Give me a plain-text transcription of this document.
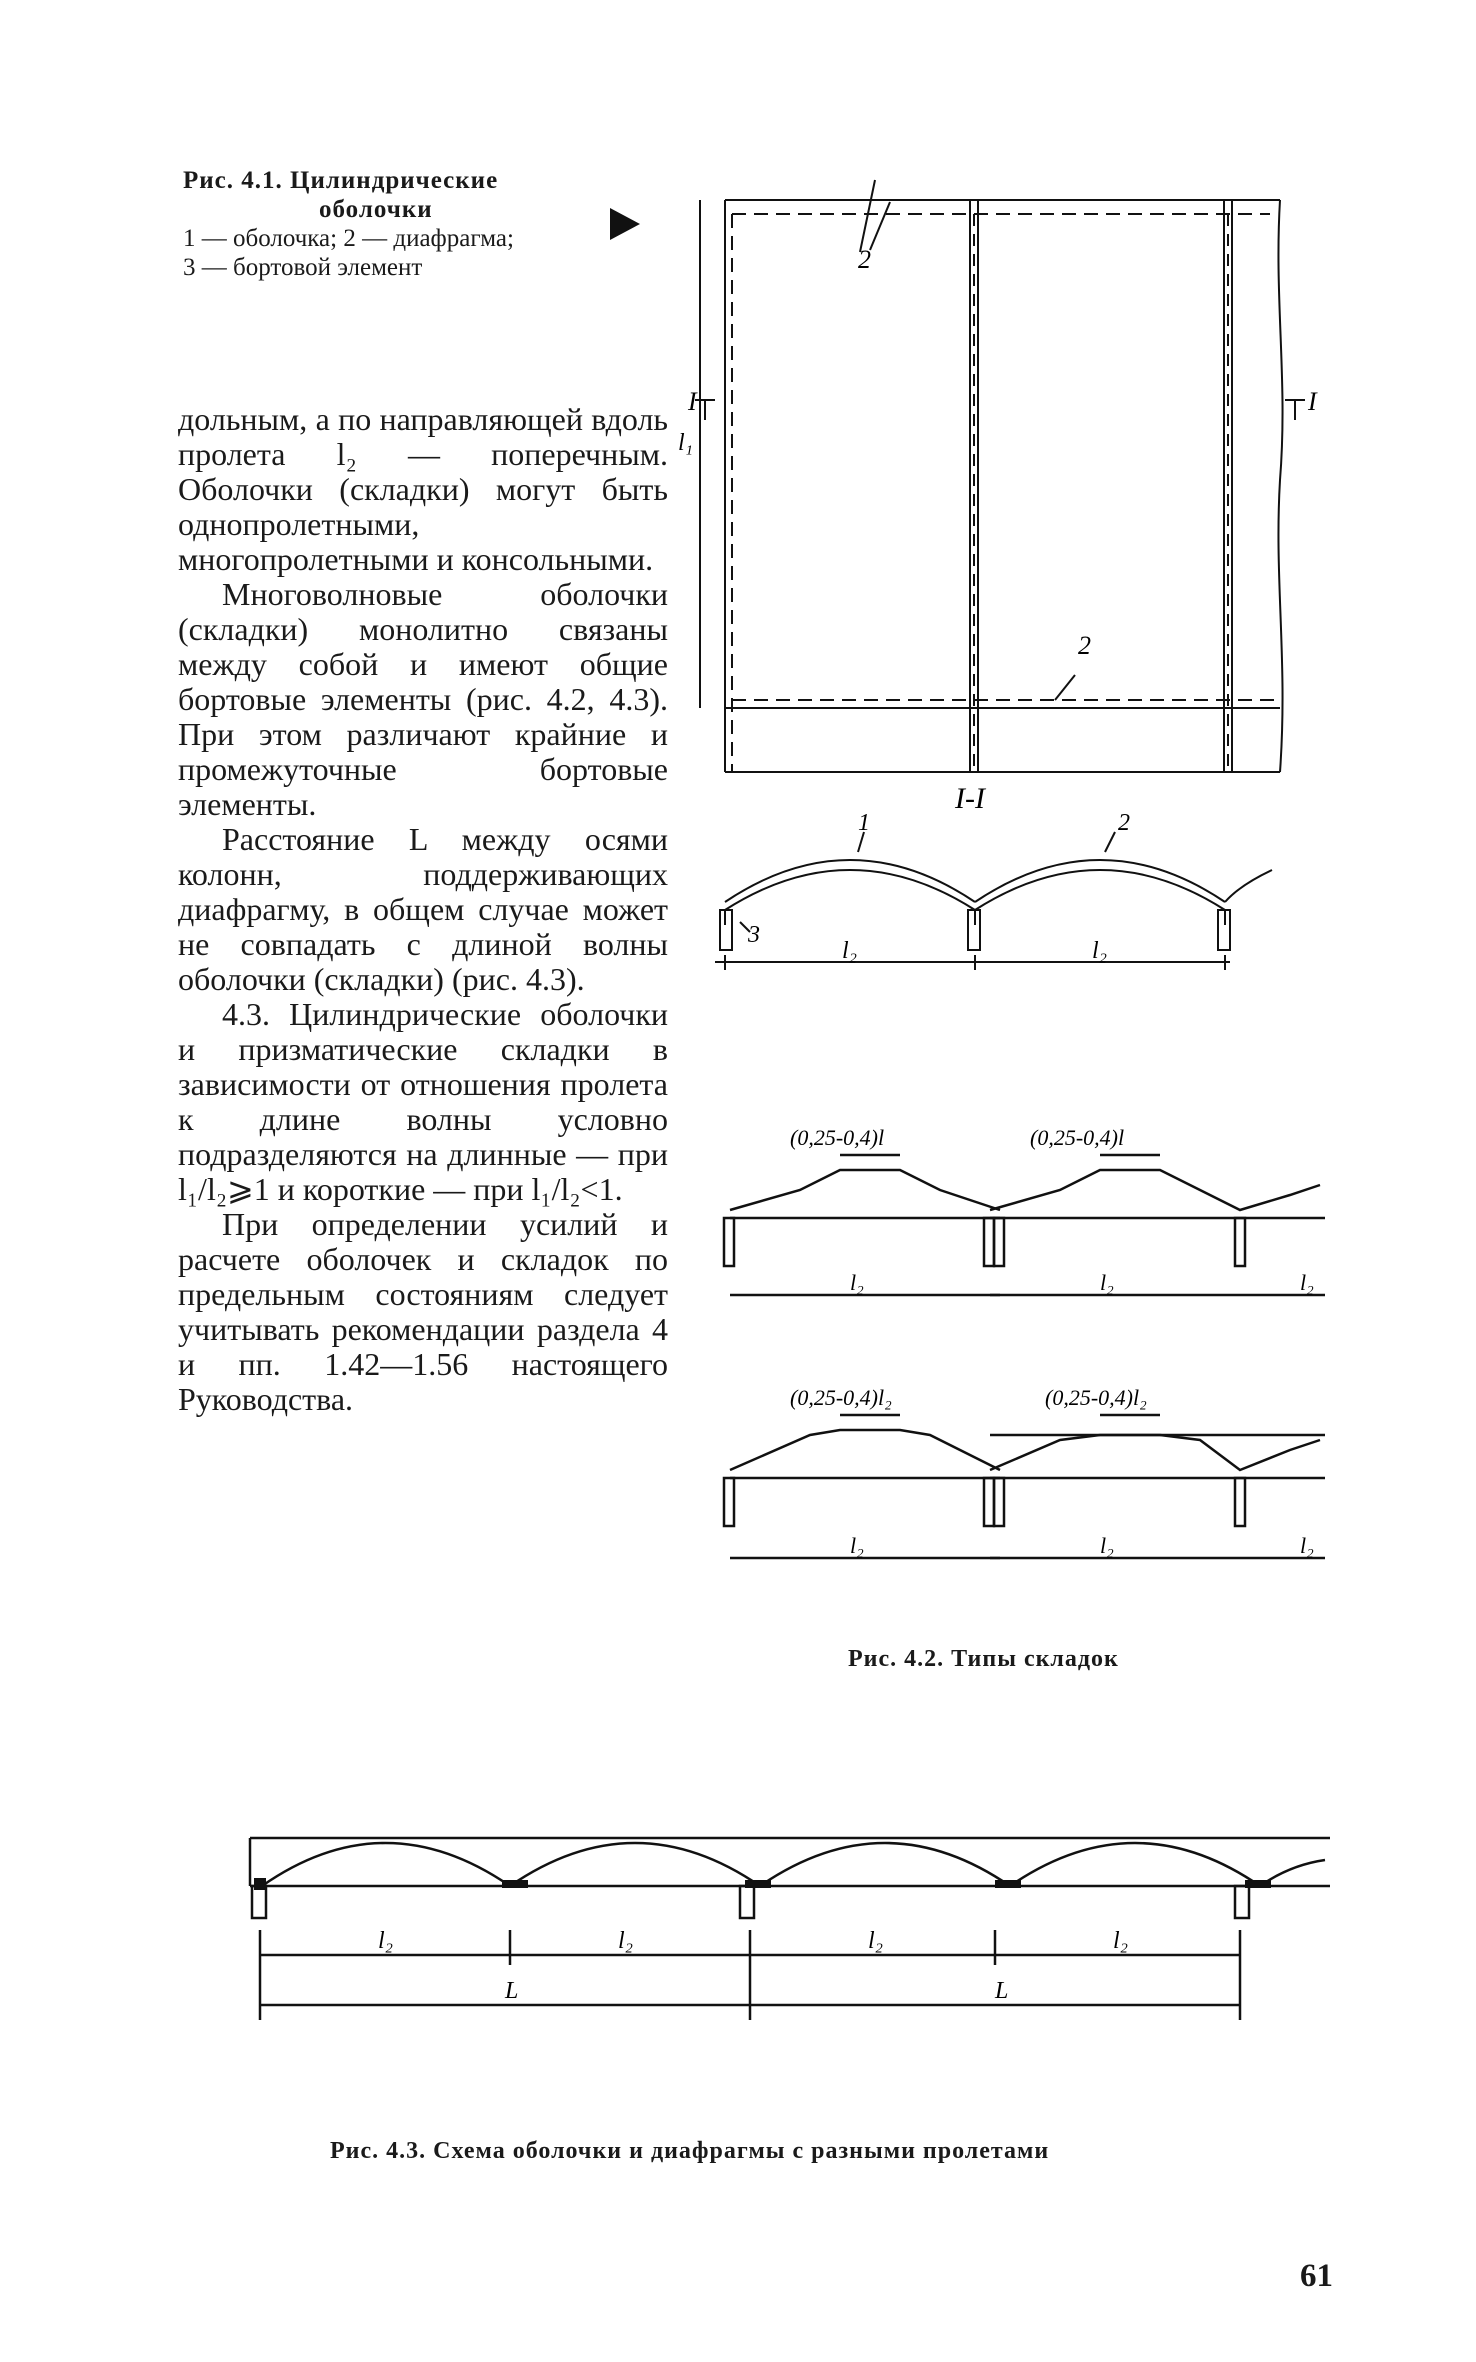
Рис. 4.1. Цилиндрические
оболочки
1 — оболочка; 2 — диафрагма;
3 — бортовой элемент	2
2
I	I
l₁
I-I
1	2
3
l₂	l₂

дольным, а по направляющей вдоль пролета l₂ — поперечным. Оболочки (складки) могут быть однопролетными, многопролетными и консольными.

Многоволновые оболочки (складки) монолитно связаны между собой и имеют общие бортовые элементы (рис. 4.2, 4.3). При этом различают крайние и промежуточные бортовые элементы.

Расстояние L между осями колонн, поддерживающих диафрагму, в общем случае может не совпадать с длиной волны оболочки (складки) (рис. 4.3).

4.3. Цилиндрические оболочки и призматические складки в зависимости от отношения пролета к длине волны условно подразделяются на длинные — при l₁/l₂⩾1 и короткие — при l₁/l₂<1.

При определении усилий и расчете оболочек и складок по предельным состояниям следует учитывать рекомендации раздела 4 и пп. 1.42—1.56 настоящего Руководства.

(0,25-0,4)l	(0,25-0,4)l
(0,25-0,4)l₂	(0,25-0,4)l₂
l₂	l₂	l₂
l₂	l₂	l₂
Рис. 4.2. Типы складок
l₂	l₂	l₂	l₂
L	L
Рис. 4.3. Схема оболочки и диафрагмы с разными пролетами
61
